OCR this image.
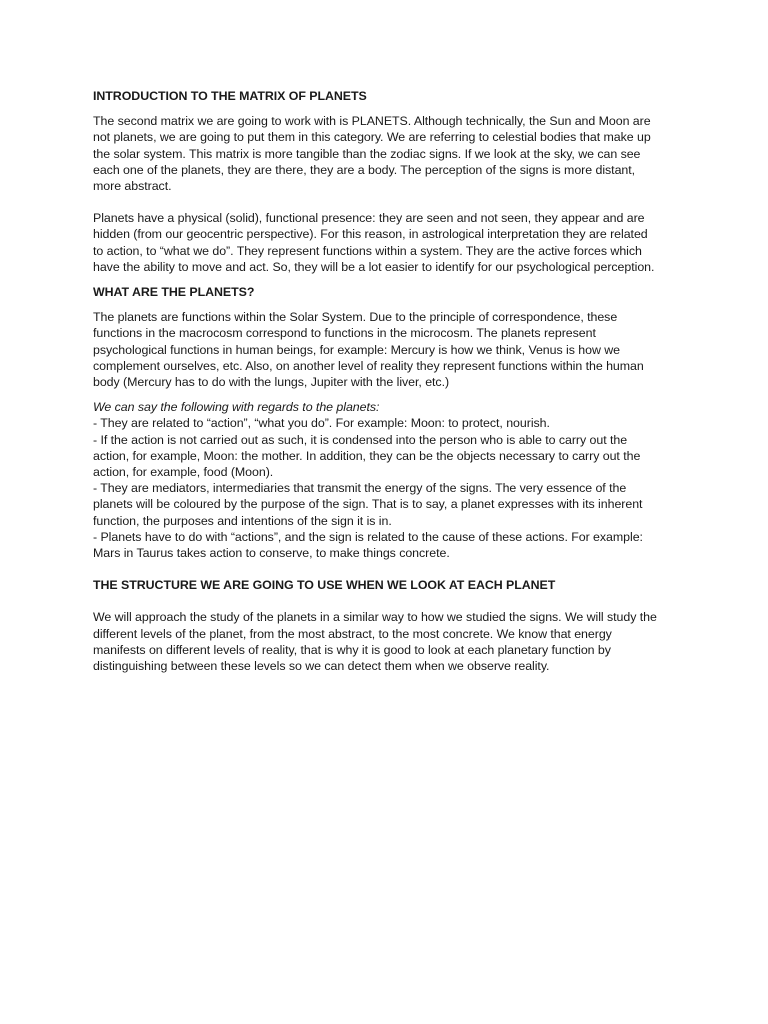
INTRODUCTION TO THE MATRIX OF PLANETS

The second matrix we are going to work with is PLANETS. Although technically, the Sun and Moon are not planets, we are going to put them in this category. We are referring to celestial bodies that make up the solar system. This matrix is more tangible than the zodiac signs. If we look at the sky, we can see each one of the planets, they are there, they are a body. The perception of the signs is more distant, more abstract.

Planets have a physical (solid), functional presence: they are seen and not seen, they appear and are hidden (from our geocentric perspective). For this reason, in astrological interpretation they are related to action, to “what we do”. They represent functions within a system. They are the active forces which have the ability to move and act. So, they will be a lot easier to identify for our psychological perception.

WHAT ARE THE PLANETS?

The planets are functions within the Solar System. Due to the principle of correspondence, these functions in the macrocosm correspond to functions in the microcosm. The planets represent psychological functions in human beings, for example: Mercury is how we think, Venus is how we complement ourselves, etc. Also, on another level of reality they represent functions within the human body (Mercury has to do with the lungs, Jupiter with the liver, etc.)

We can say the following with regards to the planets:

- They are related to “action”, “what you do”. For example: Moon: to protect, nourish.

- If the action is not carried out as such, it is condensed into the person who is able to carry out the action, for example, Moon: the mother. In addition, they can be the objects necessary to carry out the action, for example, food (Moon).

- They are mediators, intermediaries that transmit the energy of the signs. The very essence of the planets will be coloured by the purpose of the sign. That is to say, a planet expresses with its inherent function, the purposes and intentions of the sign it is in.

- Planets have to do with “actions”, and the sign is related to the cause of these actions. For example: Mars in Taurus takes action to conserve, to make things concrete.

THE STRUCTURE WE ARE GOING TO USE WHEN WE LOOK AT EACH PLANET

We will approach the study of the planets in a similar way to how we studied the signs. We will study the different levels of the planet, from the most abstract, to the most concrete. We know that energy manifests on different levels of reality, that is why it is good to look at each planetary function by distinguishing between these levels so we can detect them when we observe reality.
